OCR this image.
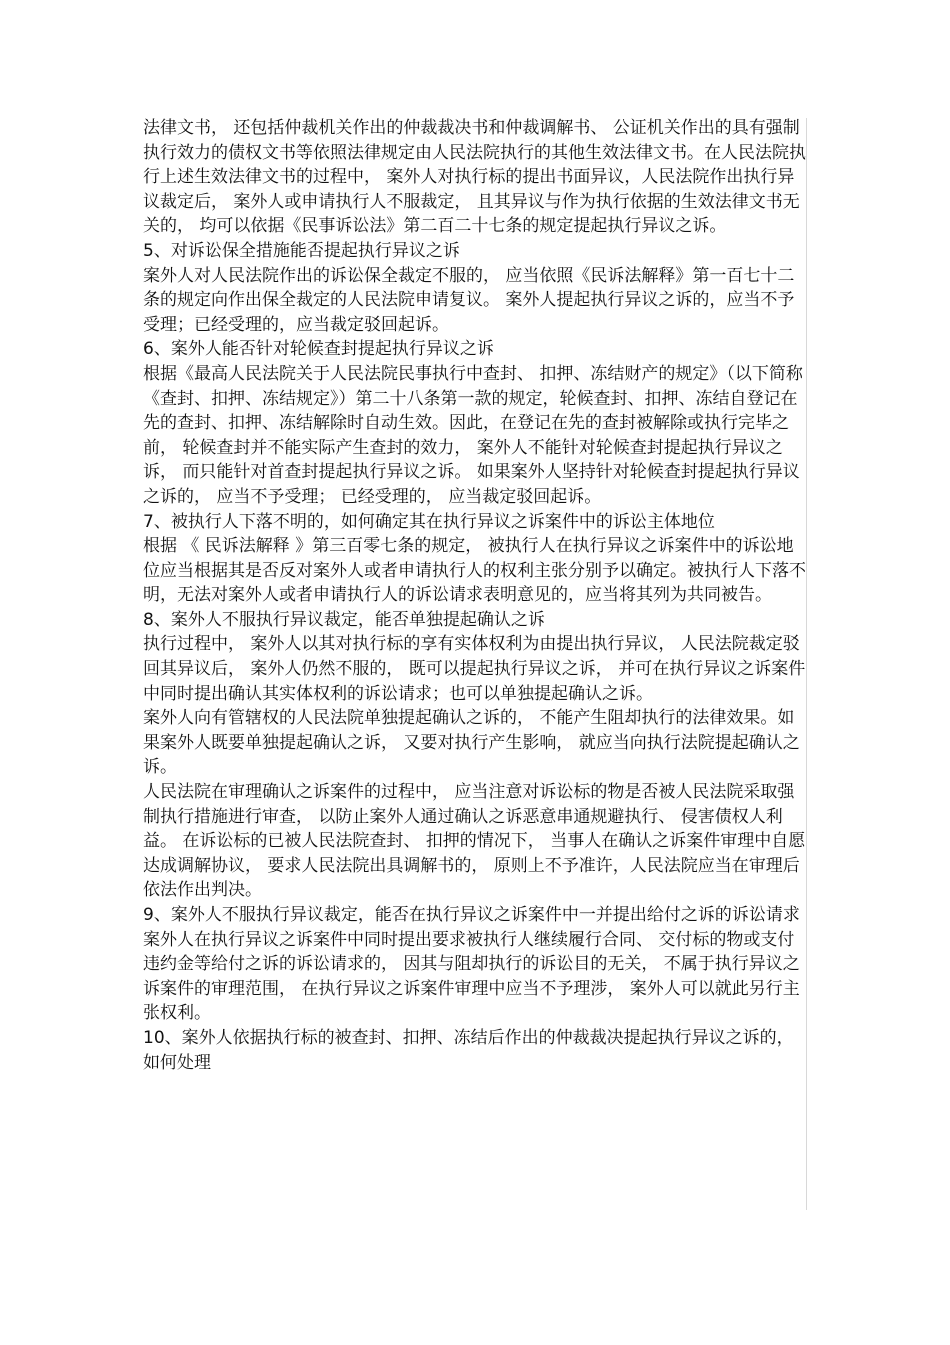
法律文书， 还包括仲裁机关作出的仲裁裁决书和仲裁调解书、 公证机关作出的具有强制执行效力的债权文书等依照法律规定由人民法院执行的其他生效法律文书。在人民法院执行上述生效法律文书的过程中， 案外人对执行标的提出书面异议，人民法院作出执行异议裁定后， 案外人或申请执行人不服裁定， 且其异议与作为执行依据的生效法律文书无关的， 均可以依据《民事诉讼法》第二百二十七条的规定提起执行异议之诉。

5、对诉讼保全措施能否提起执行异议之诉

案外人对人民法院作出的诉讼保全裁定不服的， 应当依照《民诉法解释》第一百七十二条的规定向作出保全裁定的人民法院申请复议。 案外人提起执行异议之诉的，应当不予受理；已经受理的，应当裁定驳回起诉。

6、案外人能否针对轮候查封提起执行异议之诉

根据《最高人民法院关于人民法院民事执行中查封、 扣押、冻结财产的规定》（以下简称《查封、扣押、冻结规定》）第二十八条第一款的规定，轮候查封、扣押、冻结自登记在先的查封、扣押、冻结解除时自动生效。因此，在登记在先的查封被解除或执行完毕之前， 轮候查封并不能实际产生查封的效力， 案外人不能针对轮候查封提起执行异议之诉， 而只能针对首查封提起执行异议之诉。 如果案外人坚持针对轮候查封提起执行异议之诉的， 应当不予受理； 已经受理的， 应当裁定驳回起诉。

7、被执行人下落不明的，如何确定其在执行异议之诉案件中的诉讼主体地位

根据 《 民诉法解释 》第三百零七条的规定， 被执行人在执行异议之诉案件中的诉讼地位应当根据其是否反对案外人或者申请执行人的权利主张分别予以确定。被执行人下落不明，无法对案外人或者申请执行人的诉讼请求表明意见的，应当将其列为共同被告。

8、案外人不服执行异议裁定，能否单独提起确认之诉

执行过程中， 案外人以其对执行标的享有实体权利为由提出执行异议， 人民法院裁定驳回其异议后， 案外人仍然不服的， 既可以提起执行异议之诉， 并可在执行异议之诉案件中同时提出确认其实体权利的诉讼请求；也可以单独提起确认之诉。

案外人向有管辖权的人民法院单独提起确认之诉的， 不能产生阻却执行的法律效果。如果案外人既要单独提起确认之诉， 又要对执行产生影响， 就应当向执行法院提起确认之诉。

人民法院在审理确认之诉案件的过程中， 应当注意对诉讼标的物是否被人民法院采取强制执行措施进行审查， 以防止案外人通过确认之诉恶意串通规避执行、 侵害债权人利益。 在诉讼标的已被人民法院查封、 扣押的情况下， 当事人在确认之诉案件审理中自愿达成调解协议， 要求人民法院出具调解书的， 原则上不予准许，人民法院应当在审理后依法作出判决。

9、案外人不服执行异议裁定，能否在执行异议之诉案件中一并提出给付之诉的诉讼请求

案外人在执行异议之诉案件中同时提出要求被执行人继续履行合同、 交付标的物或支付违约金等给付之诉的诉讼请求的， 因其与阻却执行的诉讼目的无关， 不属于执行异议之诉案件的审理范围， 在执行异议之诉案件审理中应当不予理涉， 案外人可以就此另行主张权利。

10、案外人依据执行标的被查封、扣押、冻结后作出的仲裁裁决提起执行异议之诉的，如何处理
